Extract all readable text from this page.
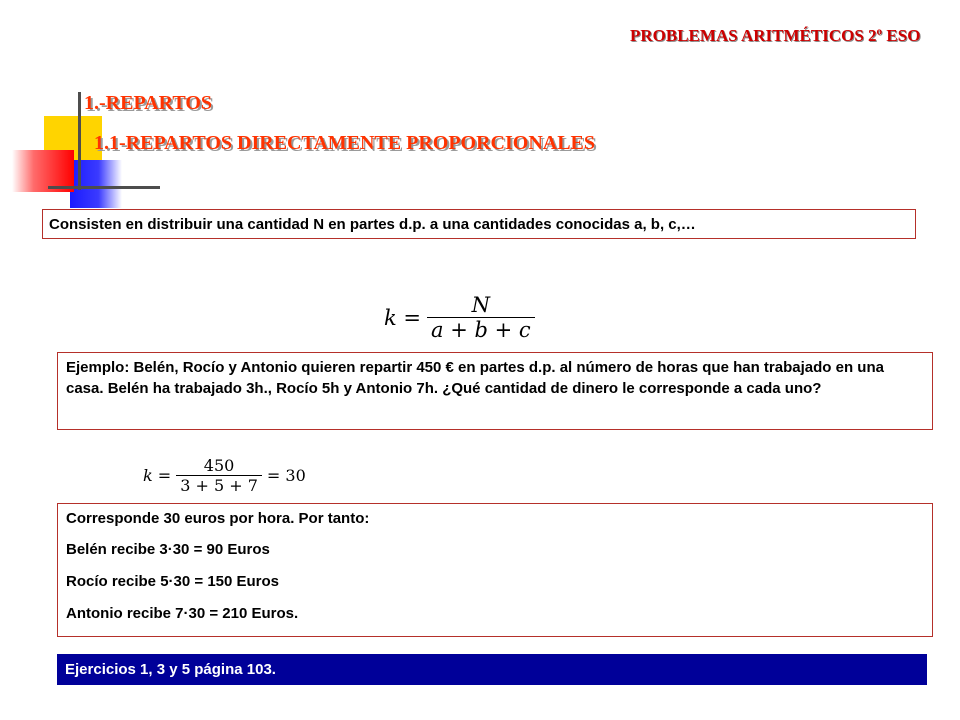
PROBLEMAS ARITMÉTICOS 2º ESO
1.-REPARTOS
1.1-REPARTOS DIRECTAMENTE PROPORCIONALES
Consisten en distribuir una cantidad N en partes d.p. a una cantidades conocidas a, b, c,…
$k = \frac{N}{a + b + c}$
Ejemplo: Belén, Rocío y Antonio quieren repartir 450 € en partes d.p. al número de horas que han trabajado en una casa. Belén ha trabajado 3h., Rocío 5h y Antonio 7h. ¿Qué cantidad de dinero le corresponde a cada uno?
$k = \frac{450}{3 + 5 + 7} = 30$
Corresponde 30 euros por hora. Por tanto:
Belén recibe 3·30 = 90 Euros
Rocío recibe 5·30 = 150 Euros
Antonio recibe 7·30 = 210 Euros.
Ejercicios 1, 3 y 5 página 103.
